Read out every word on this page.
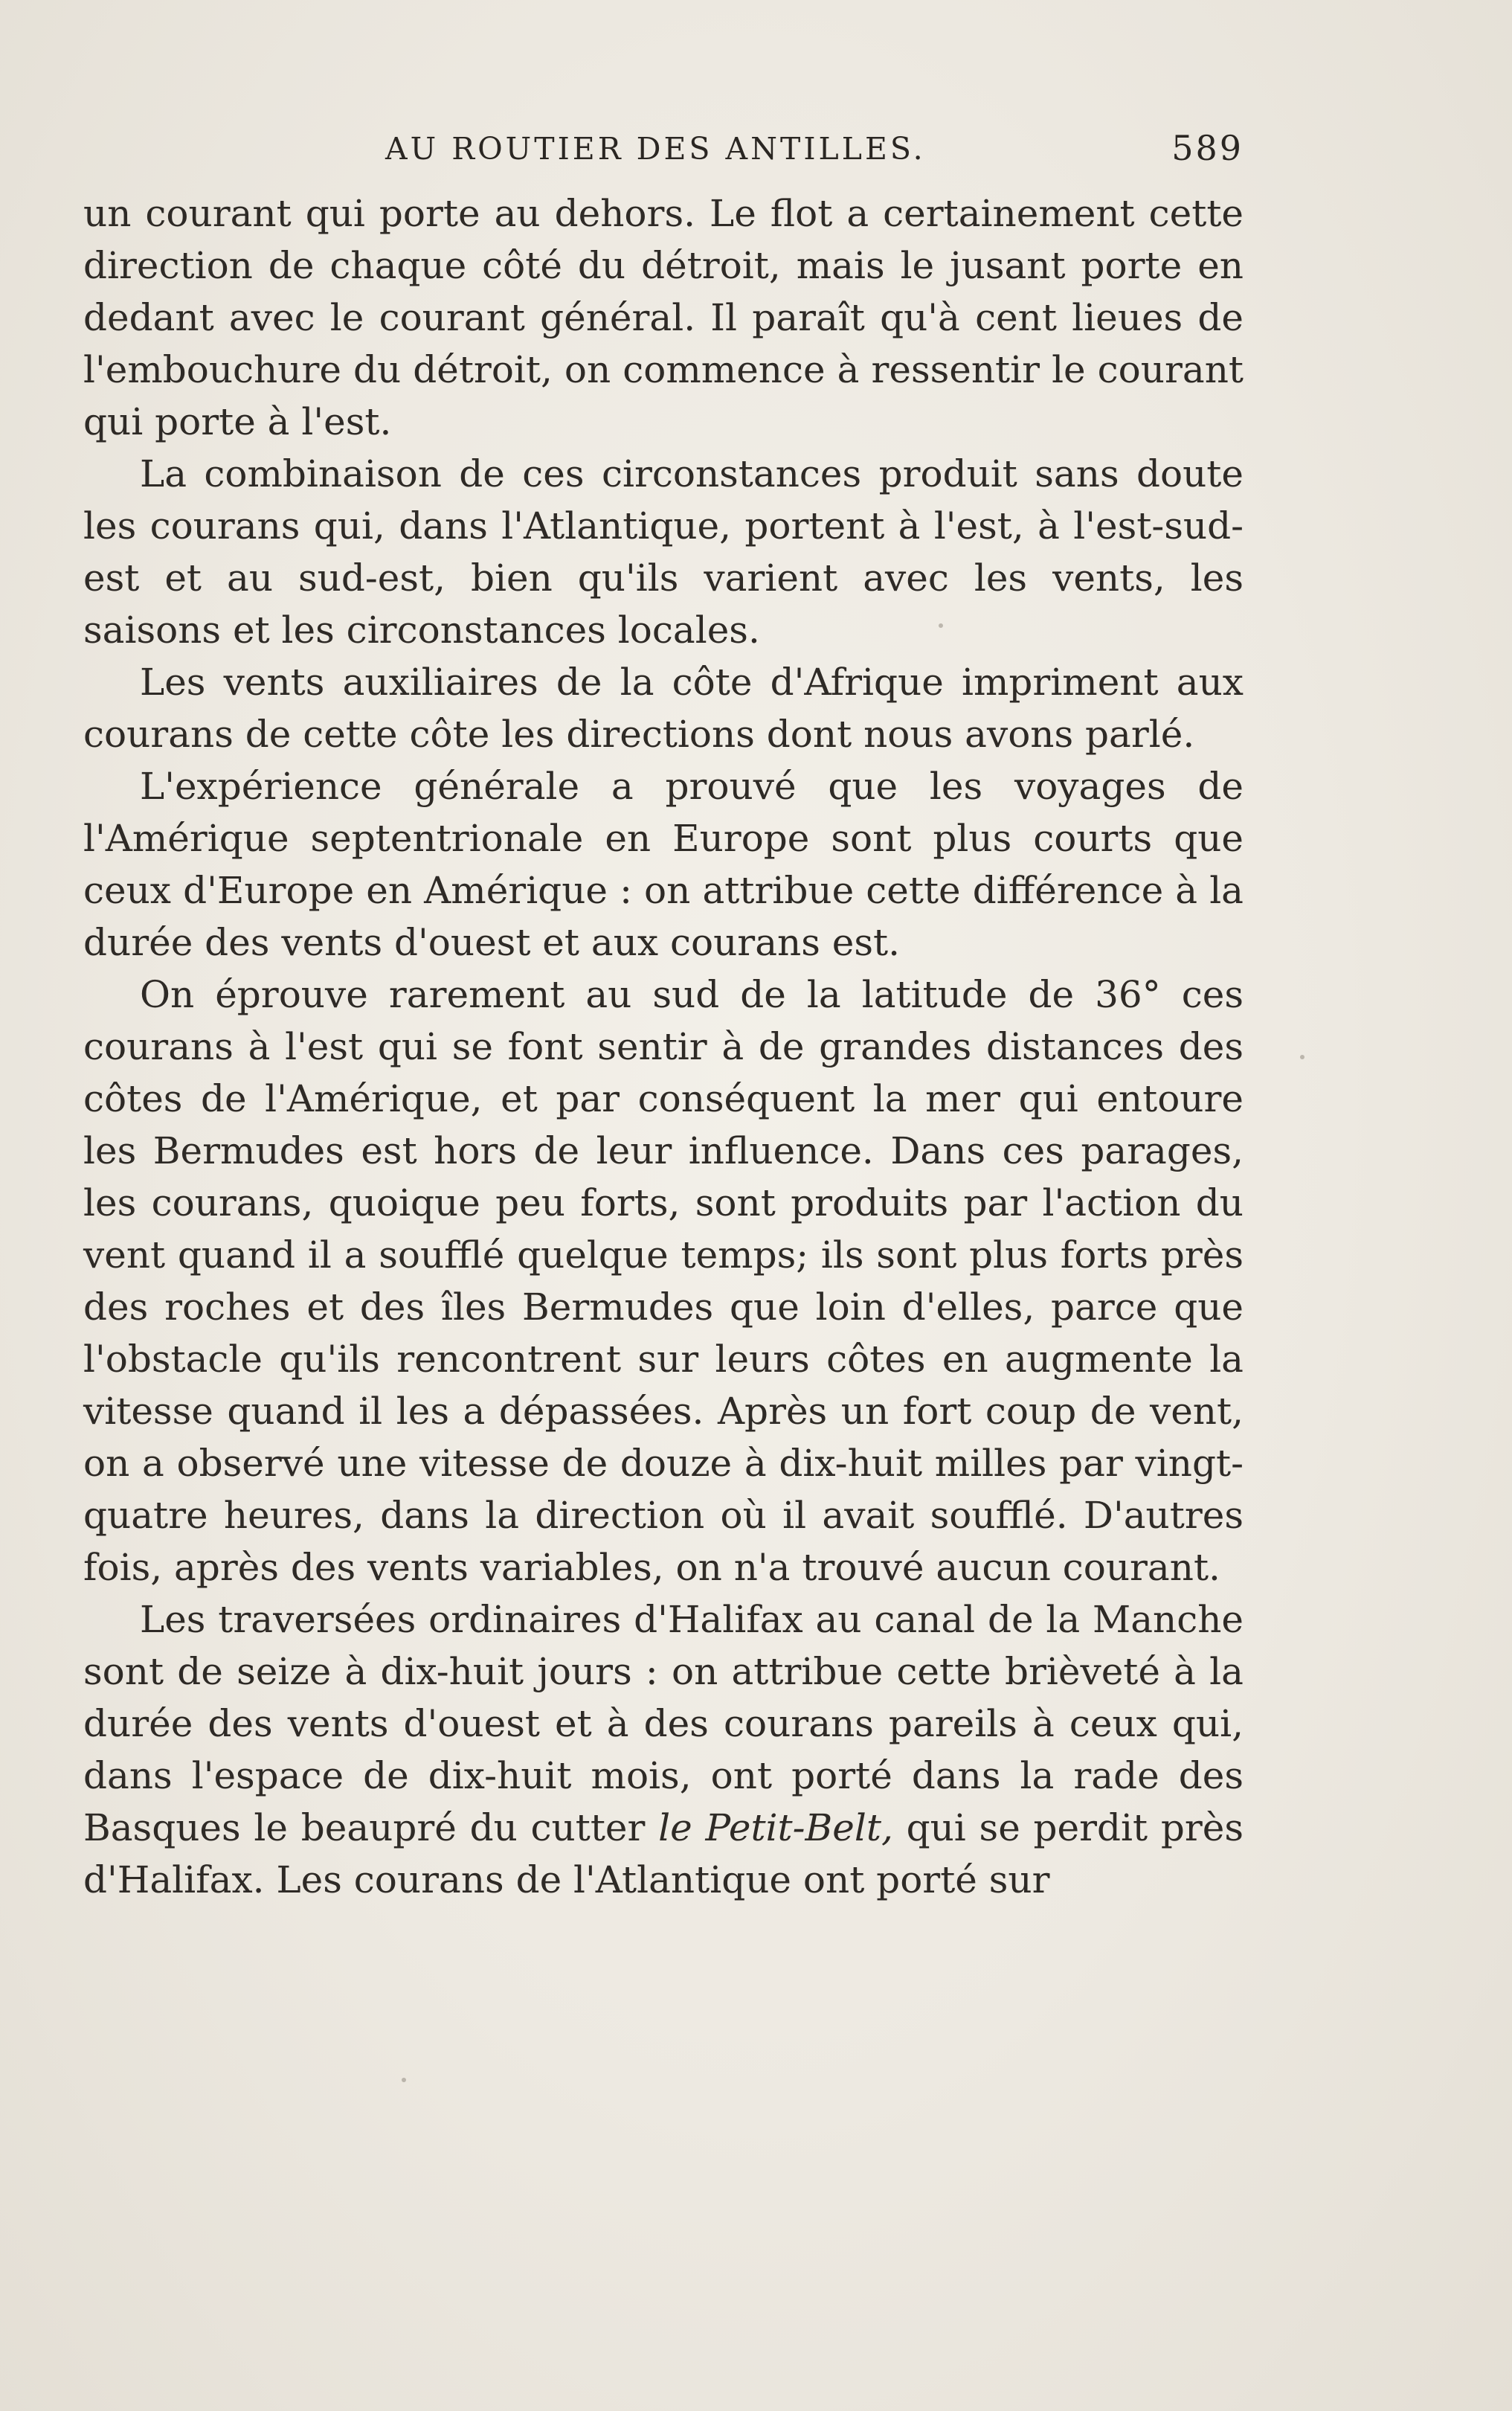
AU ROUTIER DES ANTILLES.	589

un courant qui porte au dehors. Le flot a certainement cette direction de chaque côté du détroit, mais le jusant porte en dedant avec le courant général. Il paraît qu'à cent lieues de l'embouchure du détroit, on commence à ressentir le courant qui porte à l'est.

La combinaison de ces circonstances produit sans doute les courans qui, dans l'Atlantique, portent à l'est, à l'est-sud-est et au sud-est, bien qu'ils varient avec les vents, les saisons et les circonstances locales.

Les vents auxiliaires de la côte d'Afrique impriment aux courans de cette côte les directions dont nous avons parlé.

L'expérience générale a prouvé que les voyages de l'Amérique septentrionale en Europe sont plus courts que ceux d'Europe en Amérique : on attribue cette différence à la durée des vents d'ouest et aux courans est.

On éprouve rarement au sud de la latitude de 36° ces courans à l'est qui se font sentir à de grandes distances des côtes de l'Amérique, et par conséquent la mer qui entoure les Bermudes est hors de leur influence. Dans ces parages, les courans, quoique peu forts, sont produits par l'action du vent quand il a soufflé quelque temps; ils sont plus forts près des roches et des îles Bermudes que loin d'elles, parce que l'obstacle qu'ils rencontrent sur leurs côtes en augmente la vitesse quand il les a dépassées. Après un fort coup de vent, on a observé une vitesse de douze à dix-huit milles par vingt-quatre heures, dans la direction où il avait soufflé. D'autres fois, après des vents variables, on n'a trouvé aucun courant.

Les traversées ordinaires d'Halifax au canal de la Manche sont de seize à dix-huit jours : on attribue cette brièveté à la durée des vents d'ouest et à des courans pareils à ceux qui, dans l'espace de dix-huit mois, ont porté dans la rade des Basques le beaupré du cutter le Petit-Belt, qui se perdit près d'Halifax. Les courans de l'Atlantique ont porté sur
